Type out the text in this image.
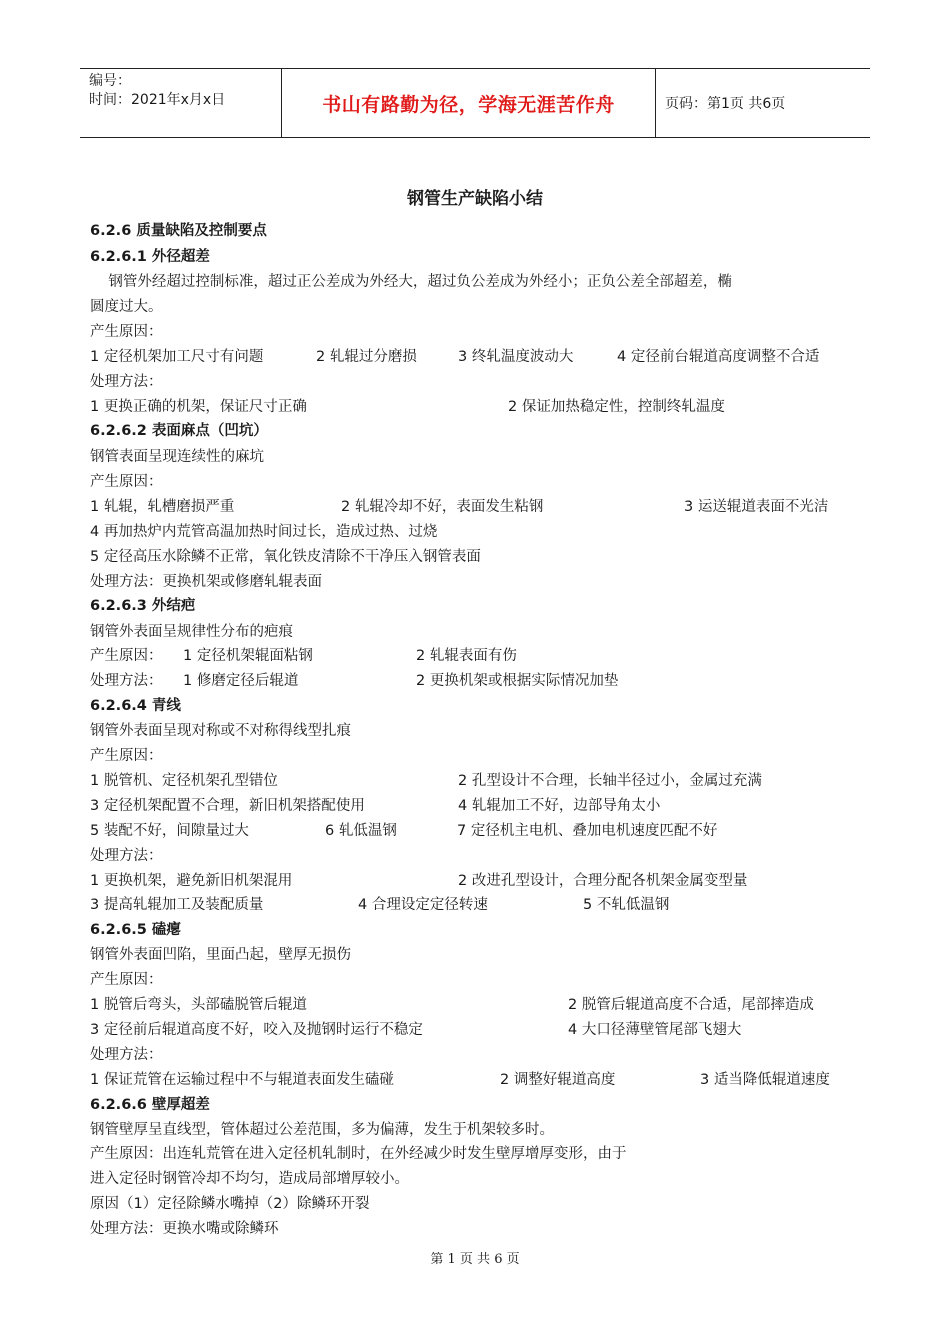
编号：
时间：2021年x月x日	书山有路勤为径，学海无涯苦作舟	页码：第1页 共6页
钢管生产缺陷小结
6.2.6 质量缺陷及控制要点
6.2.6.1 外径超差
钢管外经超过控制标准，超过正公差成为外经大，超过负公差成为外经小；正负公差全部超差，椭
圆度过大。
产生原因：
1 定径机架加工尺寸有问题	2 轧辊过分磨损	3 终轧温度波动大	4 定径前台辊道高度调整不合适
处理方法：
1 更换正确的机架，保证尺寸正确	2 保证加热稳定性，控制终轧温度
6.2.6.2 表面麻点（凹坑）
钢管表面呈现连续性的麻坑
产生原因：
1 轧辊，轧槽磨损严重	2 轧辊冷却不好，表面发生粘钢	3 运送辊道表面不光洁
4 再加热炉内荒管高温加热时间过长，造成过热、过烧
5 定径高压水除鳞不正常，氧化铁皮清除不干净压入钢管表面
处理方法：更换机架或修磨轧辊表面
6.2.6.3 外结疤
钢管外表面呈规律性分布的疤痕
产生原因： 1 定径机架辊面粘钢	2 轧辊表面有伤
处理方法： 1 修磨定径后辊道	2 更换机架或根据实际情况加垫
6.2.6.4 青线
钢管外表面呈现对称或不对称得线型扎痕
产生原因：
1 脱管机、定径机架孔型错位	2 孔型设计不合理，长轴半径过小，金属过充满
3 定径机架配置不合理，新旧机架搭配使用	4 轧辊加工不好，边部导角太小
5 装配不好，间隙量过大	6 轧低温钢	7 定径机主电机、叠加电机速度匹配不好
处理方法：
1 更换机架，避免新旧机架混用	2 改进孔型设计，合理分配各机架金属变型量
3 提高轧辊加工及装配质量	4 合理设定定径转速	5 不轧低温钢
6.2.6.5 磕瘪
钢管外表面凹陷，里面凸起，壁厚无损伤
产生原因：
1 脱管后弯头，头部磕脱管后辊道	2 脱管后辊道高度不合适，尾部摔造成
3 定径前后辊道高度不好，咬入及抛钢时运行不稳定	4 大口径薄壁管尾部飞翅大
处理方法：
1 保证荒管在运输过程中不与辊道表面发生磕碰	2 调整好辊道高度	3 适当降低辊道速度
6.2.6.6 壁厚超差
钢管壁厚呈直线型，管体超过公差范围，多为偏薄，发生于机架较多时。
产生原因：出连轧荒管在进入定径机轧制时，在外经减少时发生壁厚增厚变形，由于
进入定径时钢管冷却不均匀，造成局部增厚较小。
原因（1）定径除鳞水嘴掉（2）除鳞环开裂
处理方法：更换水嘴或除鳞环
第 1 页 共 6 页
